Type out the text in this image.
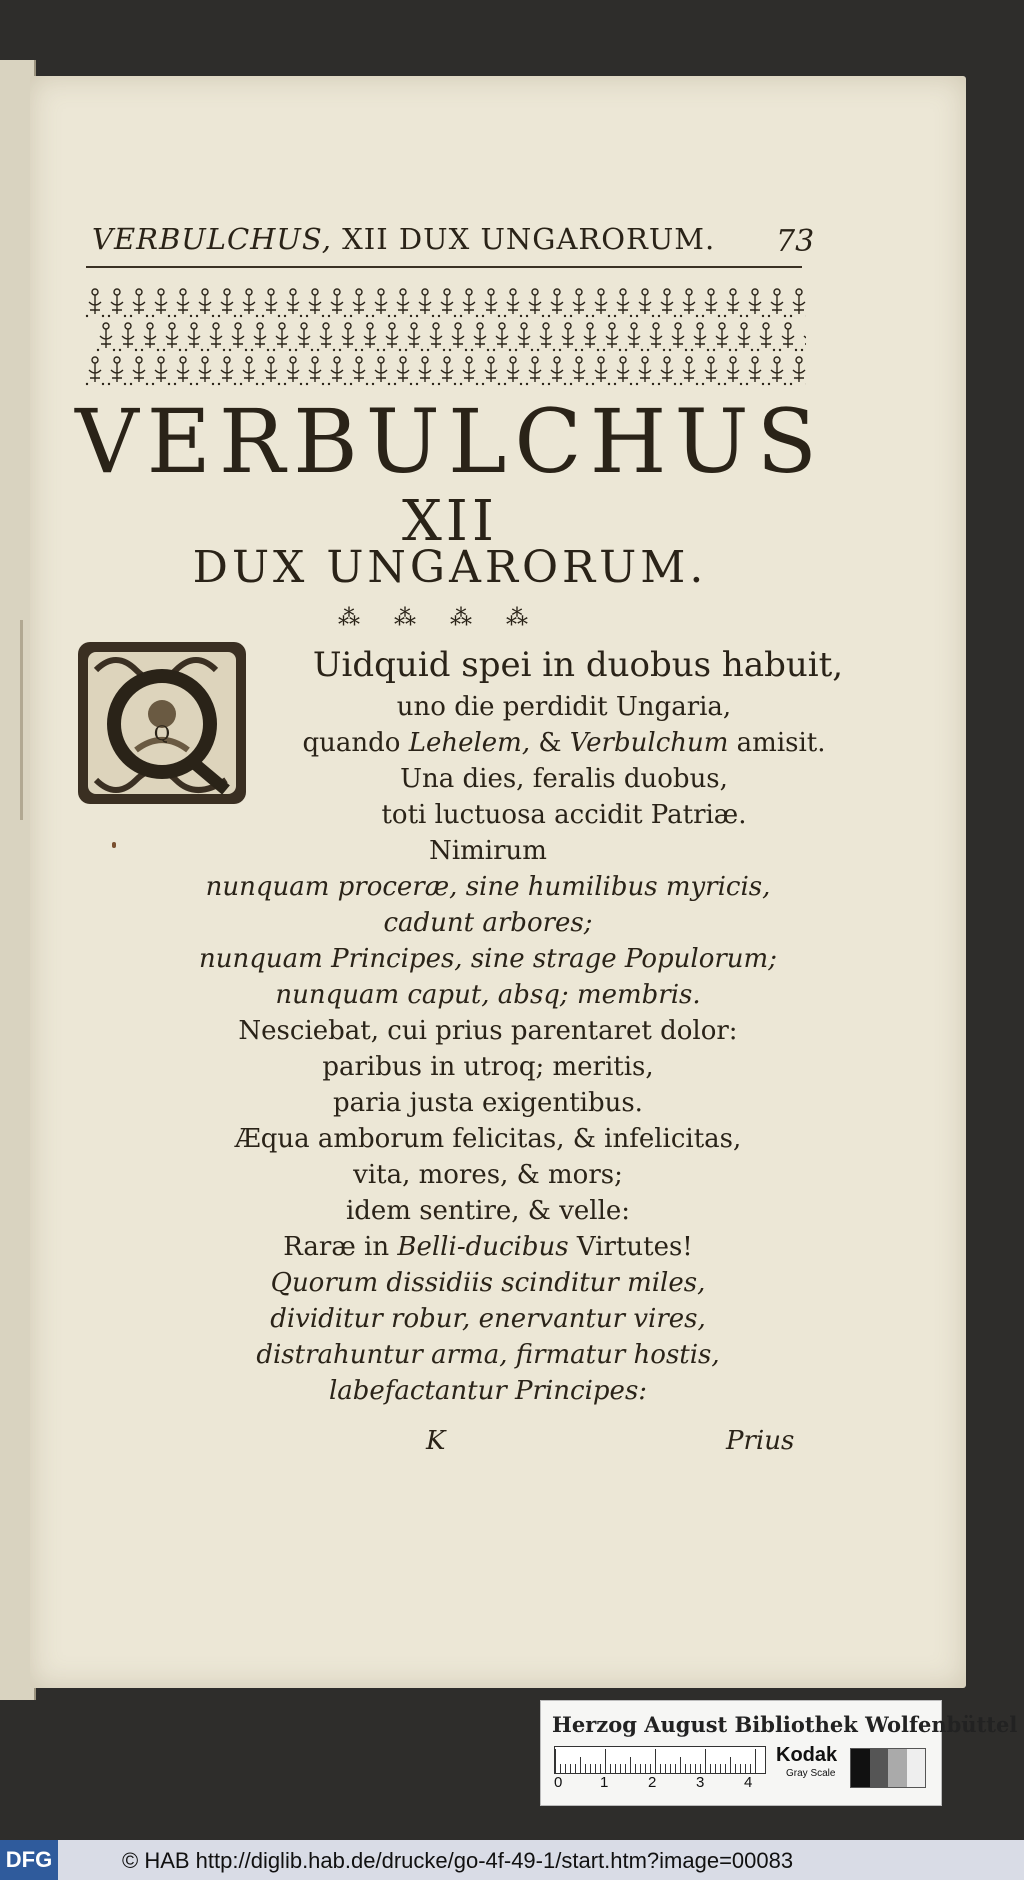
VERBULCHUS, XII DUX UNGARORUM. 73
VERBULCHUS
XII
DUX UNGARORUM.
⁂⁂⁂⁂
Q
Uidquid spei in duobus habuit,
uno die perdidit Ungaria,
quando Lehelem, & Verbulchum amisit.
Una dies, feralis duobus,
toti luctuosa accidit Patriæ.
Nimirum
nunquam proceræ, sine humilibus myricis,
cadunt arbores;
nunquam Principes, sine strage Populorum;
nunquam caput, absq; membris.
Nesciebat, cui prius parentaret dolor:
paribus in utroq; meritis,
paria justa exigentibus.
Æqua amborum felicitas, & infelicitas,
vita, mores, & mors;
idem sentire, & velle:
Raræ in Belli-ducibus Virtutes!
Quorum dissidiis scinditur miles,
dividitur robur, enervantur vires,
distrahuntur arma, firmatur hostis,
labefactantur Principes:
K	Prius
Herzog August Bibliothek Wolfenbüttel
0	1	2	3	4
Kodak
Gray Scale
DFG	© HAB http://diglib.hab.de/drucke/go-4f-49-1/start.htm?image=00083
